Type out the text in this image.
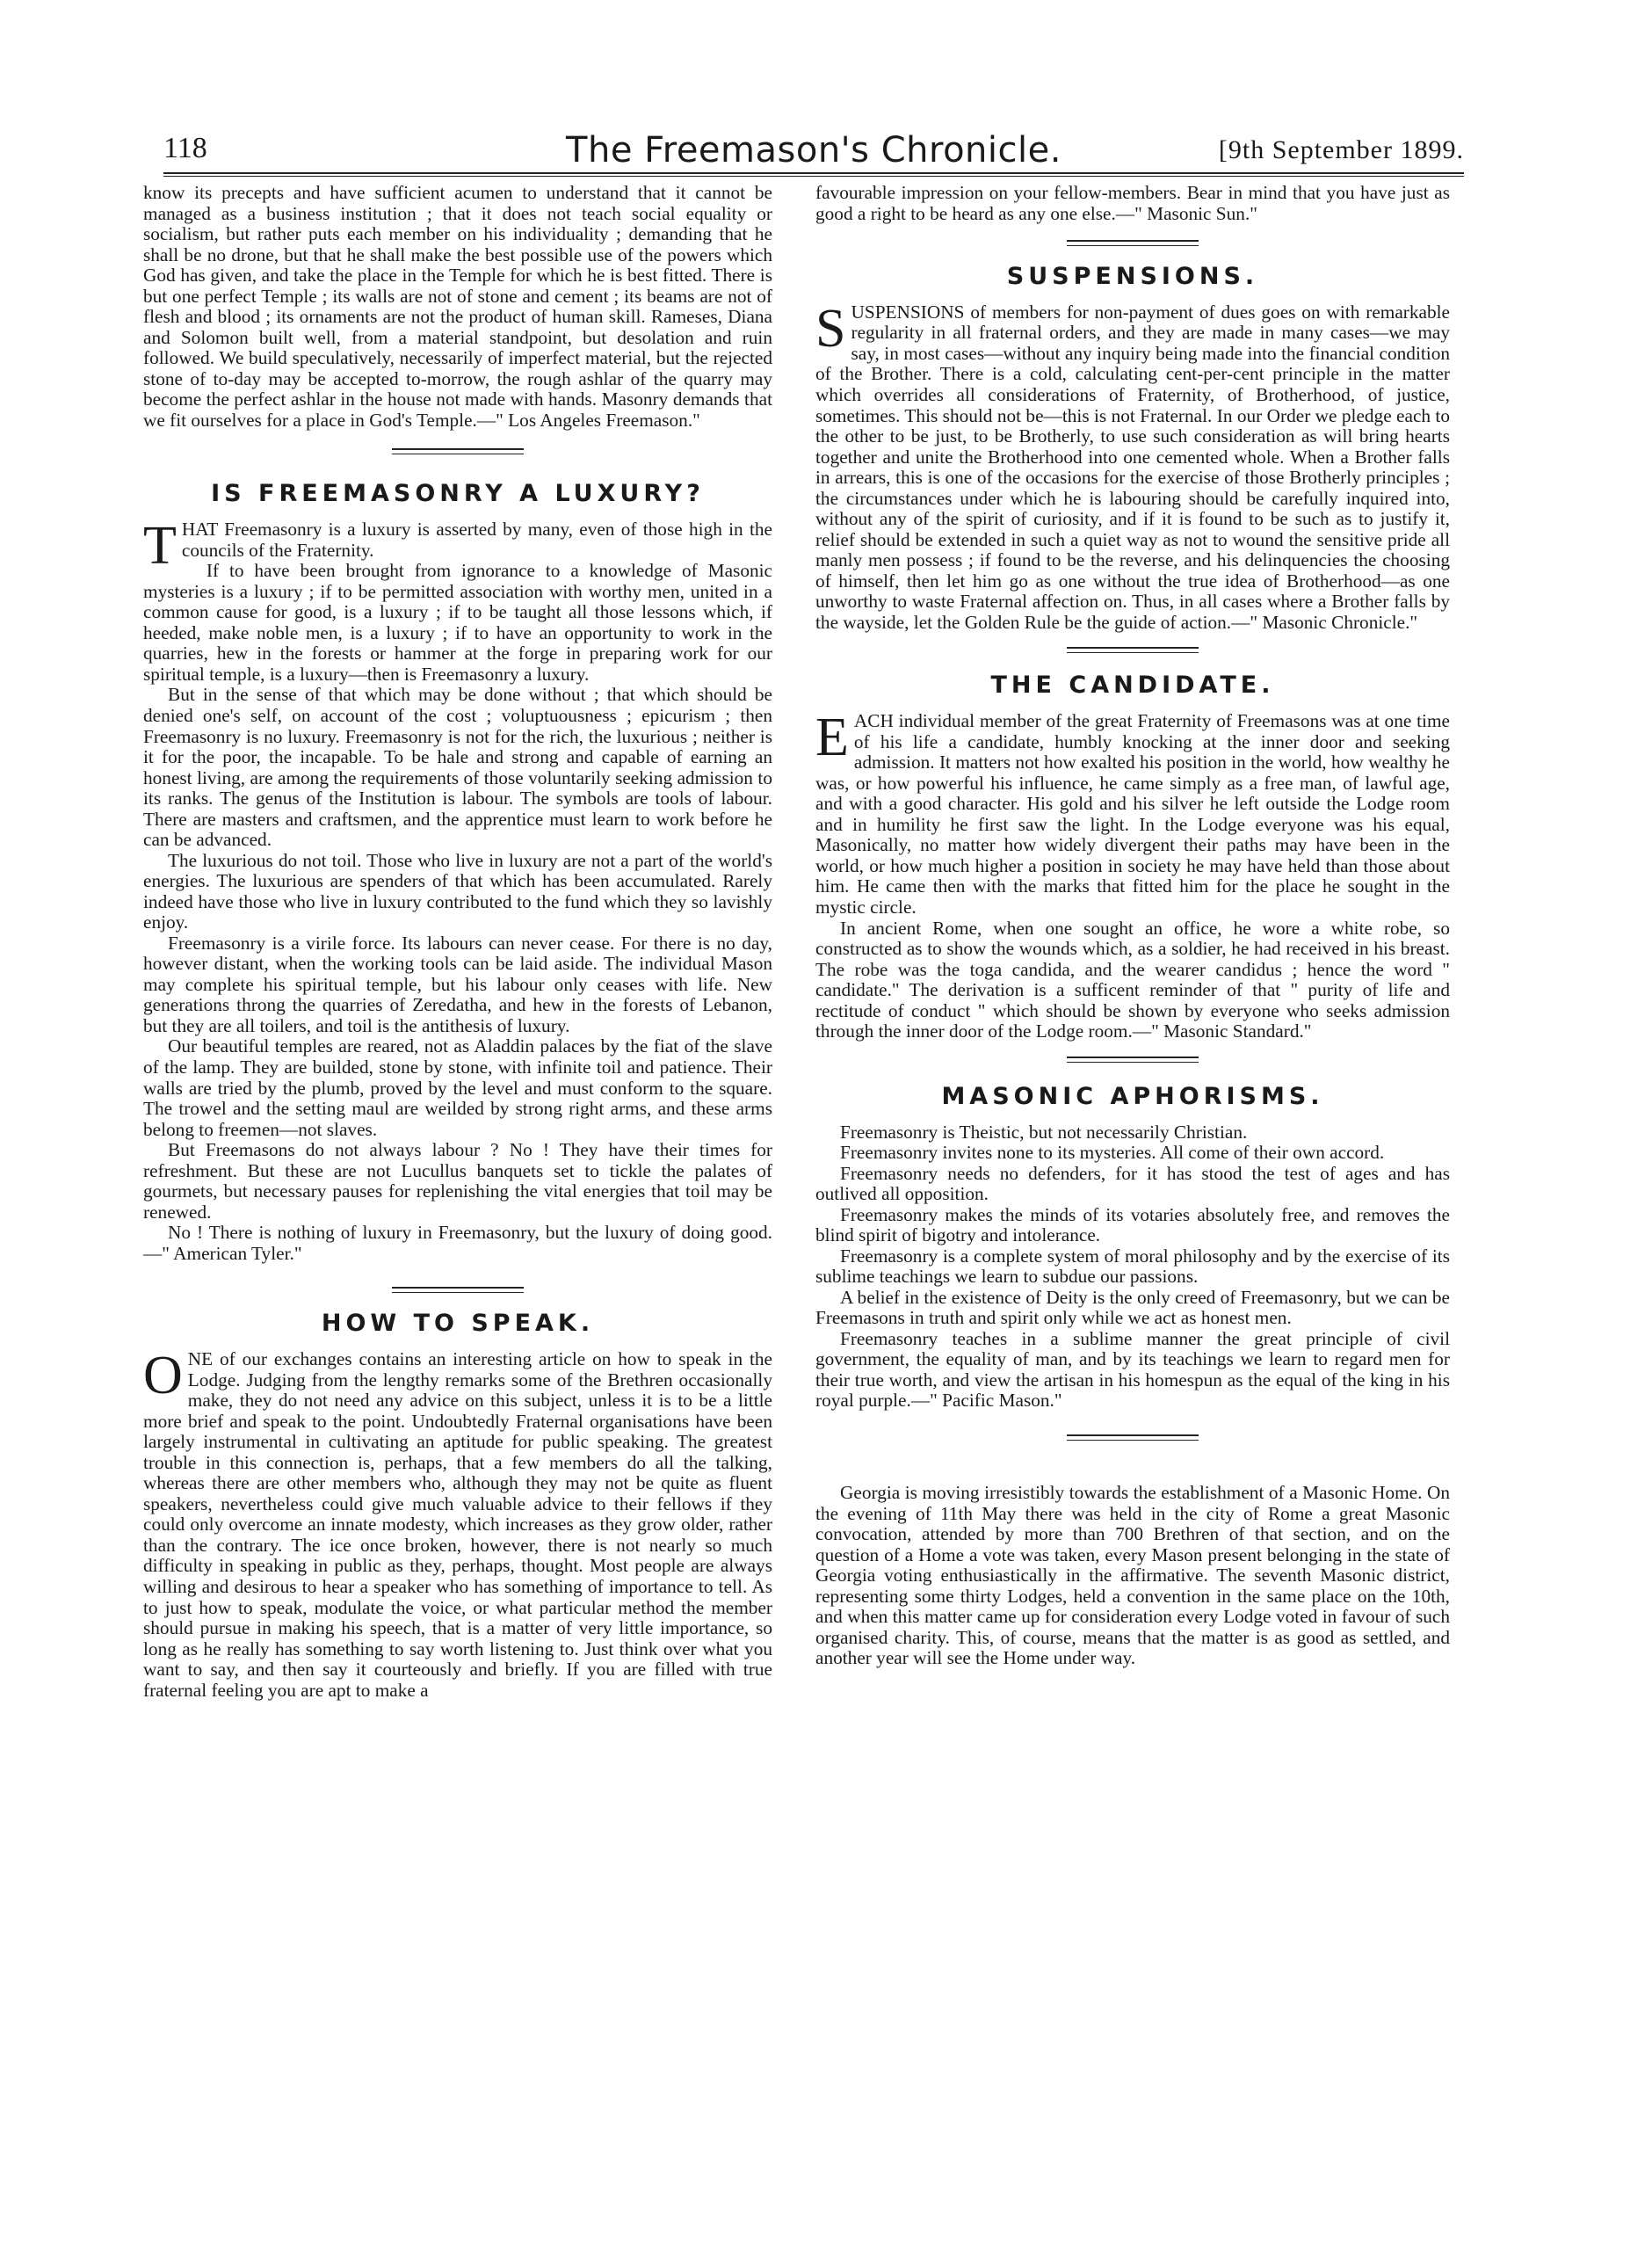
118	The Freemason's Chronicle.	[9th September 1899.

know its precepts and have sufficient acumen to understand that it cannot be managed as a business institution ; that it does not teach social equality or socialism, but rather puts each member on his individuality ; demanding that he shall be no drone, but that he shall make the best possible use of the powers which God has given, and take the place in the Temple for which he is best fitted. There is but one perfect Temple ; its walls are not of stone and cement ; its beams are not of flesh and blood ; its ornaments are not the product of human skill. Rameses, Diana and Solomon built well, from a material standpoint, but desolation and ruin followed. We build speculatively, necessarily of imperfect material, but the rejected stone of to-day may be accepted to-morrow, the rough ashlar of the quarry may become the perfect ashlar in the house not made with hands. Masonry demands that we fit ourselves for a place in God's Temple.—" Los Angeles Freemason."

IS FREEMASONRY A LUXURY?

THAT Freemasonry is a luxury is asserted by many, even of those high in the councils of the Fraternity.

If to have been brought from ignorance to a knowledge of Masonic mysteries is a luxury ; if to be permitted association with worthy men, united in a common cause for good, is a luxury ; if to be taught all those lessons which, if heeded, make noble men, is a luxury ; if to have an opportunity to work in the quarries, hew in the forests or hammer at the forge in preparing work for our spiritual temple, is a luxury—then is Freemasonry a luxury.

But in the sense of that which may be done without ; that which should be denied one's self, on account of the cost ; voluptuousness ; epicurism ; then Freemasonry is no luxury. Freemasonry is not for the rich, the luxurious ; neither is it for the poor, the incapable. To be hale and strong and capable of earning an honest living, are among the requirements of those voluntarily seeking admission to its ranks. The genus of the Institution is labour. The symbols are tools of labour. There are masters and craftsmen, and the apprentice must learn to work before he can be advanced.

The luxurious do not toil. Those who live in luxury are not a part of the world's energies. The luxurious are spenders of that which has been accumulated. Rarely indeed have those who live in luxury contributed to the fund which they so lavishly enjoy.

Freemasonry is a virile force. Its labours can never cease. For there is no day, however distant, when the working tools can be laid aside. The individual Mason may complete his spiritual temple, but his labour only ceases with life. New generations throng the quarries of Zeredatha, and hew in the forests of Lebanon, but they are all toilers, and toil is the antithesis of luxury.

Our beautiful temples are reared, not as Aladdin palaces by the fiat of the slave of the lamp. They are builded, stone by stone, with infinite toil and patience. Their walls are tried by the plumb, proved by the level and must conform to the square. The trowel and the setting maul are weilded by strong right arms, and these arms belong to freemen—not slaves.

But Freemasons do not always labour ? No ! They have their times for refreshment. But these are not Lucullus banquets set to tickle the palates of gourmets, but necessary pauses for replenishing the vital energies that toil may be renewed.

No ! There is nothing of luxury in Freemasonry, but the luxury of doing good.—" American Tyler."

HOW TO SPEAK.

ONE of our exchanges contains an interesting article on how to speak in the Lodge. Judging from the lengthy remarks some of the Brethren occasionally make, they do not need any advice on this subject, unless it is to be a little more brief and speak to the point. Undoubtedly Fraternal organisations have been largely instrumental in cultivating an aptitude for public speaking. The greatest trouble in this connection is, perhaps, that a few members do all the talking, whereas there are other members who, although they may not be quite as fluent speakers, nevertheless could give much valuable advice to their fellows if they could only overcome an innate modesty, which increases as they grow older, rather than the contrary. The ice once broken, however, there is not nearly so much difficulty in speaking in public as they, perhaps, thought. Most people are always willing and desirous to hear a speaker who has something of importance to tell. As to just how to speak, modulate the voice, or what particular method the member should pursue in making his speech, that is a matter of very little importance, so long as he really has something to say worth listening to. Just think over what you want to say, and then say it courteously and briefly. If you are filled with true fraternal feeling you are apt to make a

favourable impression on your fellow-members. Bear in mind that you have just as good a right to be heard as any one else.—" Masonic Sun."

SUSPENSIONS.

SUSPENSIONS of members for non-payment of dues goes on with remarkable regularity in all fraternal orders, and they are made in many cases—we may say, in most cases—without any inquiry being made into the financial condition of the Brother. There is a cold, calculating cent-per-cent principle in the matter which overrides all considerations of Fraternity, of Brotherhood, of justice, sometimes. This should not be—this is not Fraternal. In our Order we pledge each to the other to be just, to be Brotherly, to use such consideration as will bring hearts together and unite the Brotherhood into one cemented whole. When a Brother falls in arrears, this is one of the occasions for the exercise of those Brotherly principles ; the circumstances under which he is labouring should be carefully inquired into, without any of the spirit of curiosity, and if it is found to be such as to justify it, relief should be extended in such a quiet way as not to wound the sensitive pride all manly men possess ; if found to be the reverse, and his delinquencies the choosing of himself, then let him go as one without the true idea of Brotherhood—as one unworthy to waste Fraternal affection on. Thus, in all cases where a Brother falls by the wayside, let the Golden Rule be the guide of action.—" Masonic Chronicle."

THE CANDIDATE.

EACH individual member of the great Fraternity of Freemasons was at one time of his life a candidate, humbly knocking at the inner door and seeking admission. It matters not how exalted his position in the world, how wealthy he was, or how powerful his influence, he came simply as a free man, of lawful age, and with a good character. His gold and his silver he left outside the Lodge room and in humility he first saw the light. In the Lodge everyone was his equal, Masonically, no matter how widely divergent their paths may have been in the world, or how much higher a position in society he may have held than those about him. He came then with the marks that fitted him for the place he sought in the mystic circle.

In ancient Rome, when one sought an office, he wore a white robe, so constructed as to show the wounds which, as a soldier, he had received in his breast. The robe was the toga candida, and the wearer candidus ; hence the word " candidate." The derivation is a sufficent reminder of that " purity of life and rectitude of conduct " which should be shown by everyone who seeks admission through the inner door of the Lodge room.—" Masonic Standard."

MASONIC APHORISMS.

Freemasonry is Theistic, but not necessarily Christian.

Freemasonry invites none to its mysteries. All come of their own accord.

Freemasonry needs no defenders, for it has stood the test of ages and has outlived all opposition.

Freemasonry makes the minds of its votaries absolutely free, and removes the blind spirit of bigotry and intolerance.

Freemasonry is a complete system of moral philosophy and by the exercise of its sublime teachings we learn to subdue our passions.

A belief in the existence of Deity is the only creed of Freemasonry, but we can be Freemasons in truth and spirit only while we act as honest men.

Freemasonry teaches in a sublime manner the great principle of civil government, the equality of man, and by its teachings we learn to regard men for their true worth, and view the artisan in his homespun as the equal of the king in his royal purple.—" Pacific Mason."

Georgia is moving irresistibly towards the establishment of a Masonic Home. On the evening of 11th May there was held in the city of Rome a great Masonic convocation, attended by more than 700 Brethren of that section, and on the question of a Home a vote was taken, every Mason present belonging in the state of Georgia voting enthusiastically in the affirmative. The seventh Masonic district, representing some thirty Lodges, held a convention in the same place on the 10th, and when this matter came up for consideration every Lodge voted in favour of such organised charity. This, of course, means that the matter is as good as settled, and another year will see the Home under way.
